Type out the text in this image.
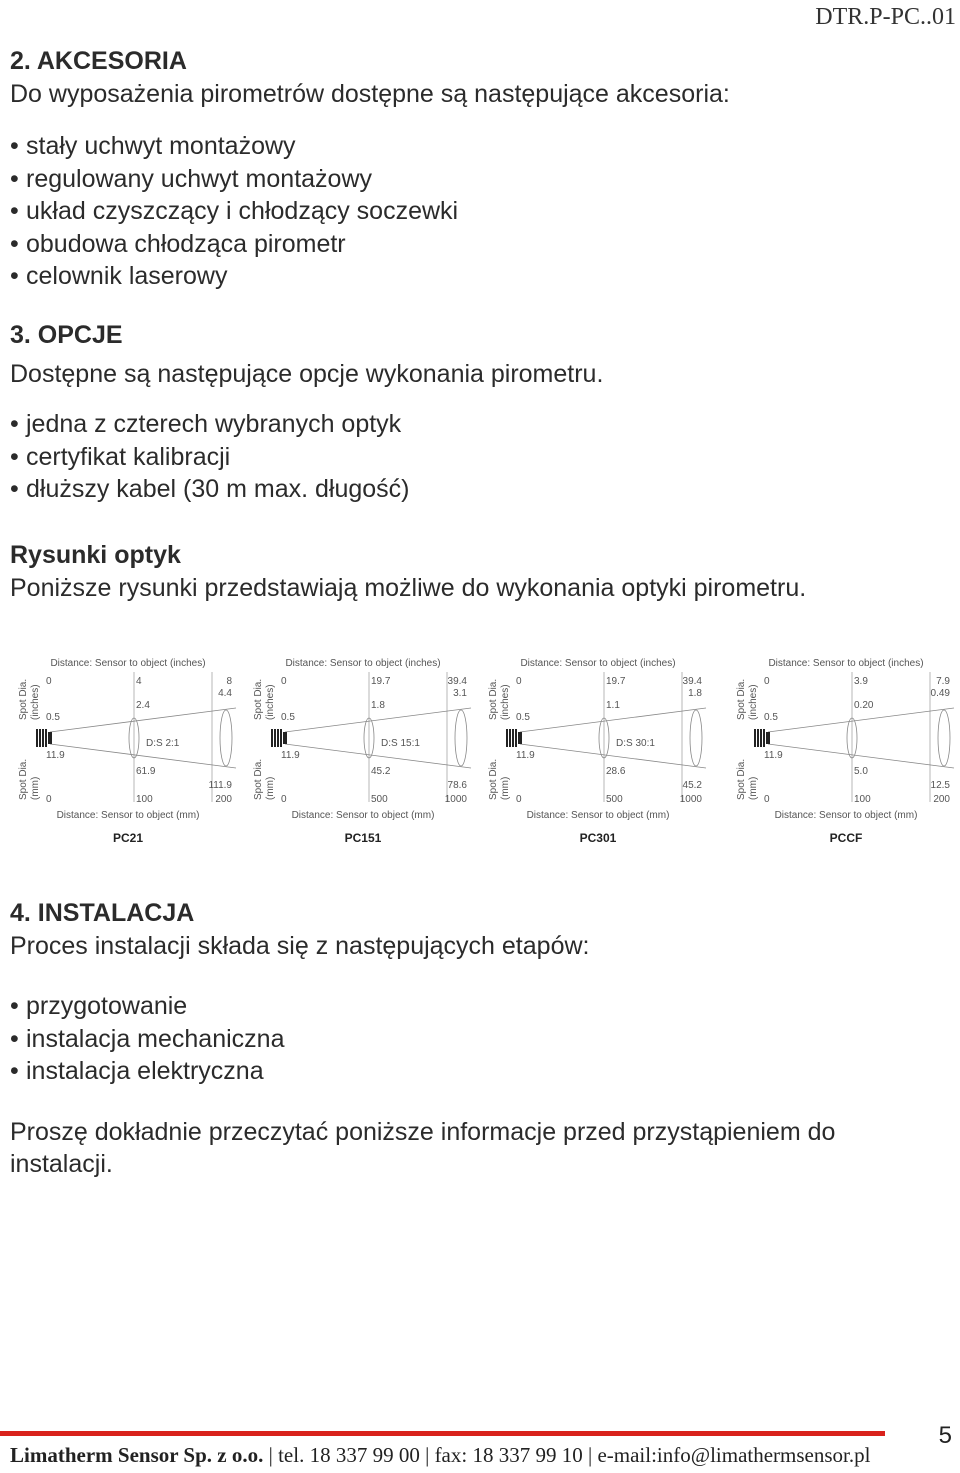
DTR.P-PC..01
2. AKCESORIA
Do wyposażenia pirometrów dostępne są następujące akcesoria:
• stały uchwyt montażowy
• regulowany uchwyt montażowy
• układ czyszczący i chłodzący soczewki
• obudowa chłodząca pirometr
• celownik laserowy
3. OPCJE
Dostępne są następujące opcje wykonania pirometru.
• jedna z czterech wybranych optyk
• certyfikat kalibracji
• dłuższy kabel (30 m max. długość)
Rysunki optyk
Poniższe rysunki przedstawiają możliwe do wykonania optyki pirometru.
Distance: Sensor to object (inches)
Distance: Sensor to object (mm)
Spot Dia.(inches)
Spot Dia.(mm)
0	4	8
0	100	200
0.5
2.4
4.4
11.9
61.9
111.9
D:S 2:1
PC21
Distance: Sensor to object (inches)
Distance: Sensor to object (mm)
Spot Dia.(inches)
Spot Dia.(mm)
0	19.7	39.4
0	500	1000
0.5
1.8
3.1
11.9
45.2
78.6
D:S 15:1
PC151
Distance: Sensor to object (inches)
Distance: Sensor to object (mm)
Spot Dia.(inches)
Spot Dia.(mm)
0	19.7	39.4
0	500	1000
0.5
1.1
1.8
11.9
28.6
45.2
D:S 30:1
PC301
Distance: Sensor to object (inches)
Distance: Sensor to object (mm)
Spot Dia.(inches)
Spot Dia.(mm)
0	3.9	7.9
0	100	200
0.5
0.20
0.49
11.9
5.0
12.5
PCCF
4. INSTALACJA
Proces instalacji składa się z następujących etapów:
• przygotowanie
• instalacja mechaniczna
• instalacja elektryczna
Proszę dokładnie przeczytać poniższe informacje przed przystąpieniem do instalacji.
Limatherm Sensor Sp. z o.o. | tel. 18 337 99 00 | fax: 18 337 99 10 | e-mail:info@limathermsensor.pl
5
